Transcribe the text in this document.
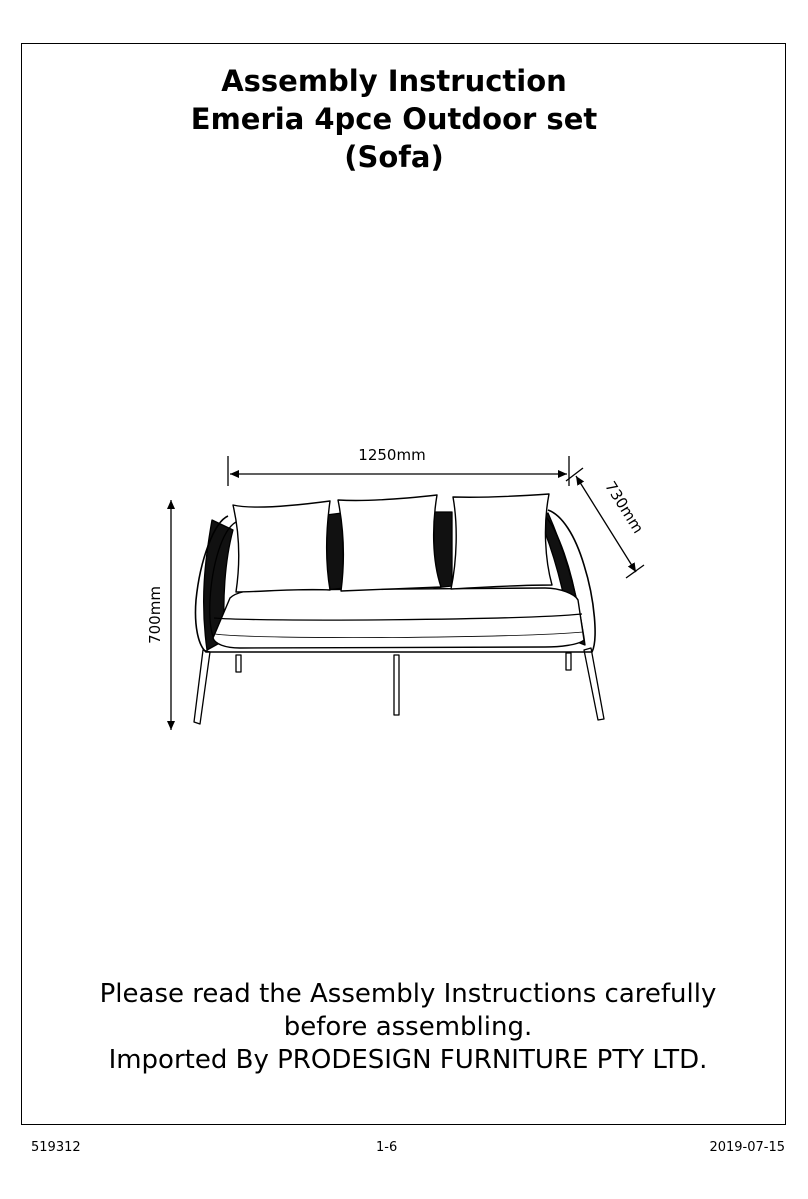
Assembly Instruction
Emeria 4pce Outdoor set
(Sofa)
1250mm
730mm
700mm
Please read the Assembly Instructions carefully
before assembling.
Imported By PRODESIGN FURNITURE PTY LTD.
519312	1-6	2019-07-15
